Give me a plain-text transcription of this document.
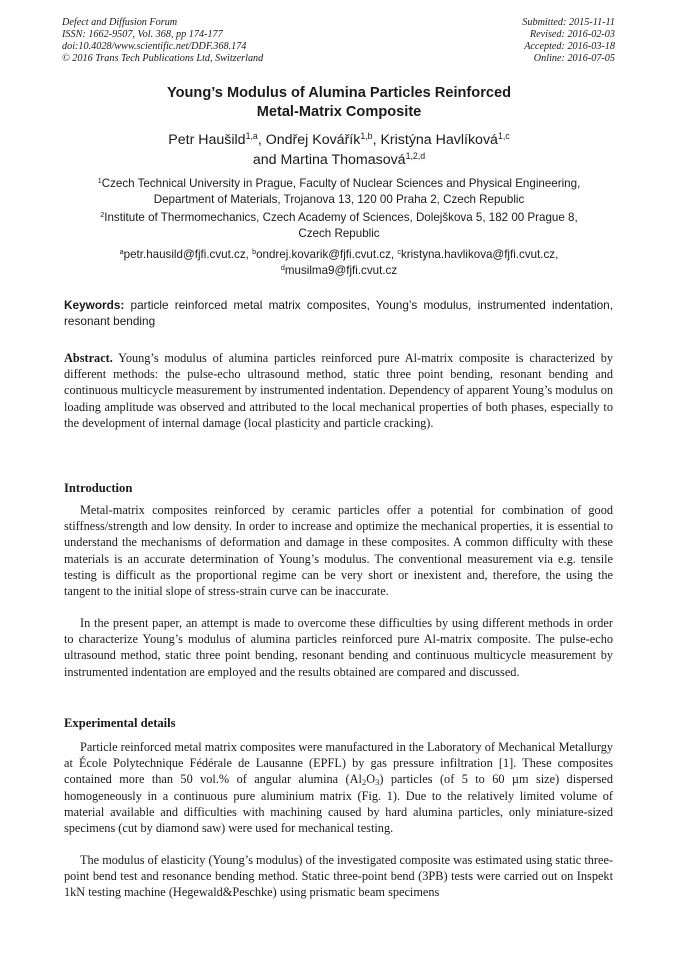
Defect and Diffusion Forum
ISSN: 1662-9507, Vol. 368, pp 174-177
doi:10.4028/www.scientific.net/DDF.368.174
© 2016 Trans Tech Publications Ltd, Switzerland
Submitted: 2015-11-11
Revised: 2016-02-03
Accepted: 2016-03-18
Online: 2016-07-05
Young’s Modulus of Alumina Particles Reinforced
Metal-Matrix Composite
Petr Haušild$^{1,a}$, Ondřej Kovářík$^{1,b}$, Kristýna Havlíková$^{1,c}$
and Martina Thomasová$^{1,2,d}$
$^1$Czech Technical University in Prague, Faculty of Nuclear Sciences and Physical Engineering,
Department of Materials, Trojanova 13, 120 00 Praha 2, Czech Republic
$^2$Institute of Thermomechanics, Czech Academy of Sciences, Dolejškova 5, 182 00 Prague 8,
Czech Republic
$^a$petr.hausild@fjfi.cvut.cz, $^b$ondrej.kovarik@fjfi.cvut.cz, $^c$kristyna.havlikova@fjfi.cvut.cz,
$^d$musilma9@fjfi.cvut.cz
Keywords: particle reinforced metal matrix composites, Young’s modulus, instrumented indentation, resonant bending
Abstract. Young’s modulus of alumina particles reinforced pure Al-matrix composite is characterized by different methods: the pulse-echo ultrasound method, static three point bending, resonant bending and continuous multicycle measurement by instrumented indentation. Dependency of apparent Young’s modulus on loading amplitude was observed and attributed to the local mechanical properties of both phases, especially to the development of internal damage (local plasticity and particle cracking).
Introduction

Metal-matrix composites reinforced by ceramic particles offer a potential for combination of good stiffness/strength and low density. In order to increase and optimize the mechanical properties, it is essential to understand the mechanisms of deformation and damage in these composites. A common difficulty with these materials is an accurate determination of Young’s modulus. The conventional measurement via e.g. tensile testing is difficult as the proportional regime can be very short or inexistent and, therefore, the using the tangent to the initial slope of stress-strain curve can be inaccurate.

In the present paper, an attempt is made to overcome these difficulties by using different methods in order to characterize Young’s modulus of alumina particles reinforced pure Al-matrix composite. The pulse-echo ultrasound method, static three point bending, resonant bending and continuous multicycle measurement by instrumented indentation are employed and the results obtained are compared and discussed.

Experimental details

Particle reinforced metal matrix composites were manufactured in the Laboratory of Mechanical Metallurgy at École Polytechnique Fédérale de Lausanne (EPFL) by gas pressure infiltration [1]. These composites contained more than 50 vol.% of angular alumina $(Al_2O_3)$ particles (of 5 to 60 µm size) dispersed homogeneously in a continuous pure aluminium matrix (Fig. 1). Due to the relatively limited volume of material available and difficulties with machining caused by hard alumina particles, only miniature-sized specimens (cut by diamond saw) were used for mechanical testing.

The modulus of elasticity (Young’s modulus) of the investigated composite was estimated using static three-point bend test and resonance bending method. Static three-point bend (3PB) tests were carried out on Inspekt 1kN testing machine (Hegewald&Peschke) using prismatic beam specimens
